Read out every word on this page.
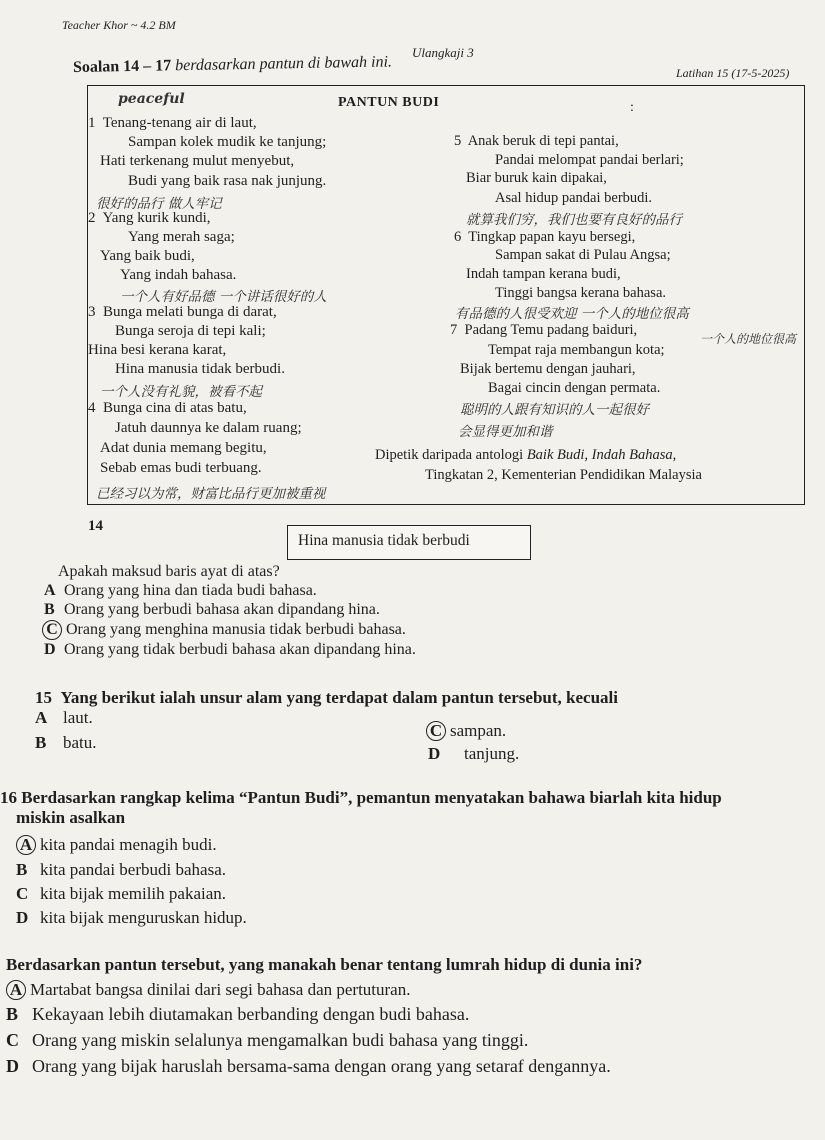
Teacher Khor ~ 4.2 BM
Ulangkaji 3
Latihan 15 (17-5-2025)
Soalan 14 – 17 berdasarkan pantun di bawah ini.
peaceful	PANTUN BUDI	:
1 Tenang-tenang air di laut,
Sampan kolek mudik ke tanjung;
Hati terkenang mulut menyebut,
Budi yang baik rasa nak junjung.
很好的品行 做人牢记
2 Yang kurik kundi,
Yang merah saga;
Yang baik budi,
Yang indah bahasa.
一个人有好品德 一个讲话很好的人
3 Bunga melati bunga di darat,
Bunga seroja di tepi kali;
Hina besi kerana karat,
Hina manusia tidak berbudi.
一个人没有礼貌，被看不起
4 Bunga cina di atas batu,
Jatuh daunnya ke dalam ruang;
Adat dunia memang begitu,
Sebab emas budi terbuang.
已经习以为常，财富比品行更加被重视
5 Anak beruk di tepi pantai,
Pandai melompat pandai berlari;
Biar buruk kain dipakai,
Asal hidup pandai berbudi.
就算我们穷，我们也要有良好的品行
6 Tingkap papan kayu bersegi,
Sampan sakat di Pulau Angsa;
Indah tampan kerana budi,
Tinggi bangsa kerana bahasa.
有品德的人很受欢迎 一个人的地位很高
7 Padang Temu padang baiduri,
Tempat raja membangun kota;
Bijak bertemu dengan jauhari,
Bagai cincin dengan permata.
聪明的人跟有知识的人一起很好
会显得更加和谐
一个人的地位很高
Dipetik daripada antologi Baik Budi, Indah Bahasa,
Tingkatan 2, Kementerian Pendidikan Malaysia
14
Hina manusia tidak berbudi
Apakah maksud baris ayat di atas?
A Orang yang hina dan tiada budi bahasa.
B Orang yang berbudi bahasa akan dipandang hina.
C Orang yang menghina manusia tidak berbudi bahasa.
D Orang yang tidak berbudi bahasa akan dipandang hina.
15 Yang berikut ialah unsur alam yang terdapat dalam pantun tersebut, kecuali
A laut.
B batu.
C sampan.
D tanjung.
16 Berdasarkan rangkap kelima “Pantun Budi”, pemantun menyatakan bahawa biarlah kita hidup
miskin asalkan
A kita pandai menagih budi.
B kita pandai berbudi bahasa.
C kita bijak memilih pakaian.
D kita bijak menguruskan hidup.
Berdasarkan pantun tersebut, yang manakah benar tentang lumrah hidup di dunia ini?
A Martabat bangsa dinilai dari segi bahasa dan pertuturan.
B Kekayaan lebih diutamakan berbanding dengan budi bahasa.
C Orang yang miskin selalunya mengamalkan budi bahasa yang tinggi.
D Orang yang bijak haruslah bersama-sama dengan orang yang setaraf dengannya.
